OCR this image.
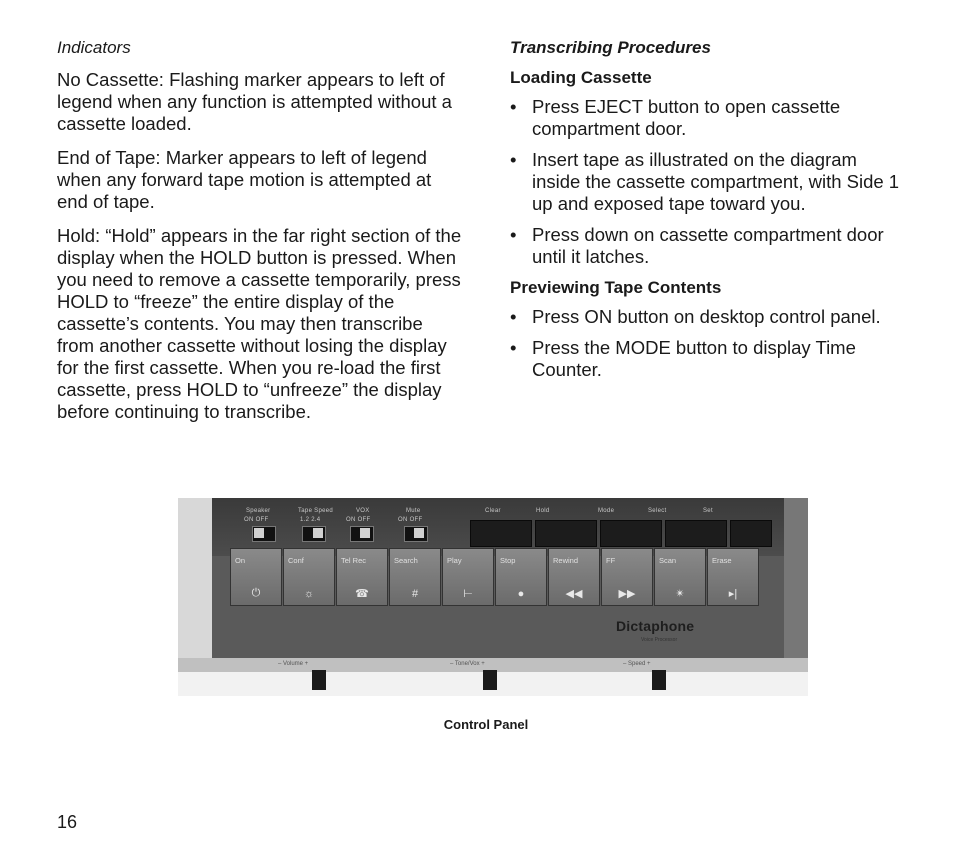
Indicators

No Cassette: Flashing marker appears to left of legend when any function is attempted without a cassette loaded.

End of Tape: Marker appears to left of legend when any forward tape motion is attempted at end of tape.

Hold: “Hold” appears in the far right section of the display when the HOLD button is pressed. When you need to remove a cassette temporarily, press HOLD to “freeze” the entire display of the cassette’s contents. You may then transcribe from another cassette without losing the display for the first cassette. When you re-load the first cassette, press HOLD to “unfreeze” the display before continuing to transcribe.

Transcribing Procedures

Loading Cassette

• Press EJECT button to open cassette compartment door.
• Insert tape as illustrated on the diagram inside the cassette compartment, with Side 1 up and exposed tape toward you.
• Press down on cassette compartment door until it latches.

Previewing Tape Contents

• Press ON button on desktop control panel.
• Press the MODE button to display Time Counter.
Speaker	Tape Speed	VOX	Mute
ON OFF	1.2 2.4	ON OFF	ON OFF
Clear	Hold	Mode	Select	Set
On
⏻
Conf
☼
Tel Rec
☎
Search
#
Play
⊢
Stop
●
Rewind
◀◀
FF
▶▶
Scan
✴
Erase
▸|
Dictaphone
Voice Processor
– Volume +	– Tone/Vox +	– Speed +
Control Panel
16
